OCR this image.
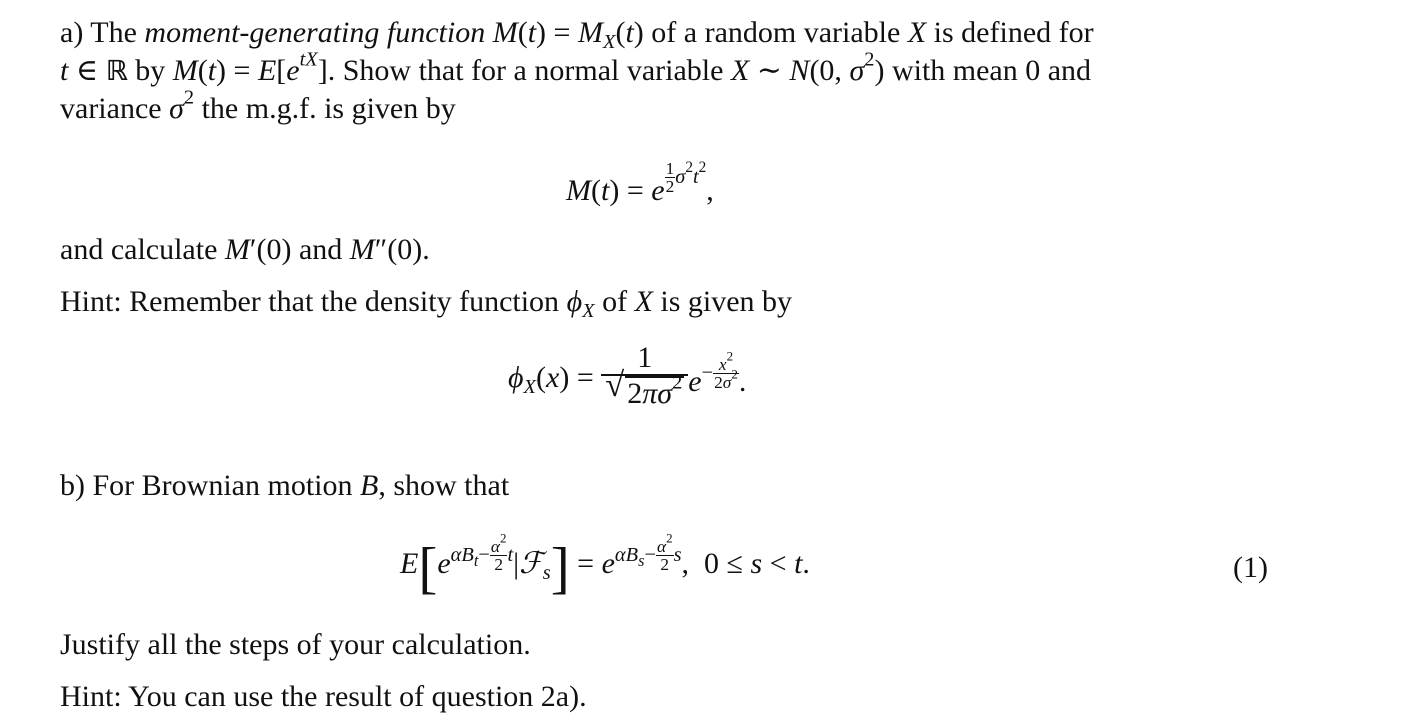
a) The moment-generating function $M(t) = M_X(t)$ of a random variable X is defined for
t ∈ ℝ by $M(t) = E[e^{tX}]$. Show that for a normal variable X ∼ N(0, $\sigma^2$) with mean 0 and
variance $\sigma^2$ the m.g.f. is given by
M(t) = e $^{\frac{1}{2} \sigma^2t^2}$,
and calculate M′(0) and M″(0).
Hint: Remember that the density function $\phi_X$ of X is given by
$\phi_X(x) = \frac{1}{√ 2\pi\sigma^2} e^{- \frac{x^2}{2\sigma^2}}$ .
b) For Brownian motion B, show that
$E[e^{\alpha B_t- \frac{\alpha^2}{2} t}|ℱ_s] = e^{\alpha B_s- \frac{\alpha^2}{2} s}$,  0 ≤ s < t.	(1)
Justify all the steps of your calculation.
Hint: You can use the result of question 2a).
